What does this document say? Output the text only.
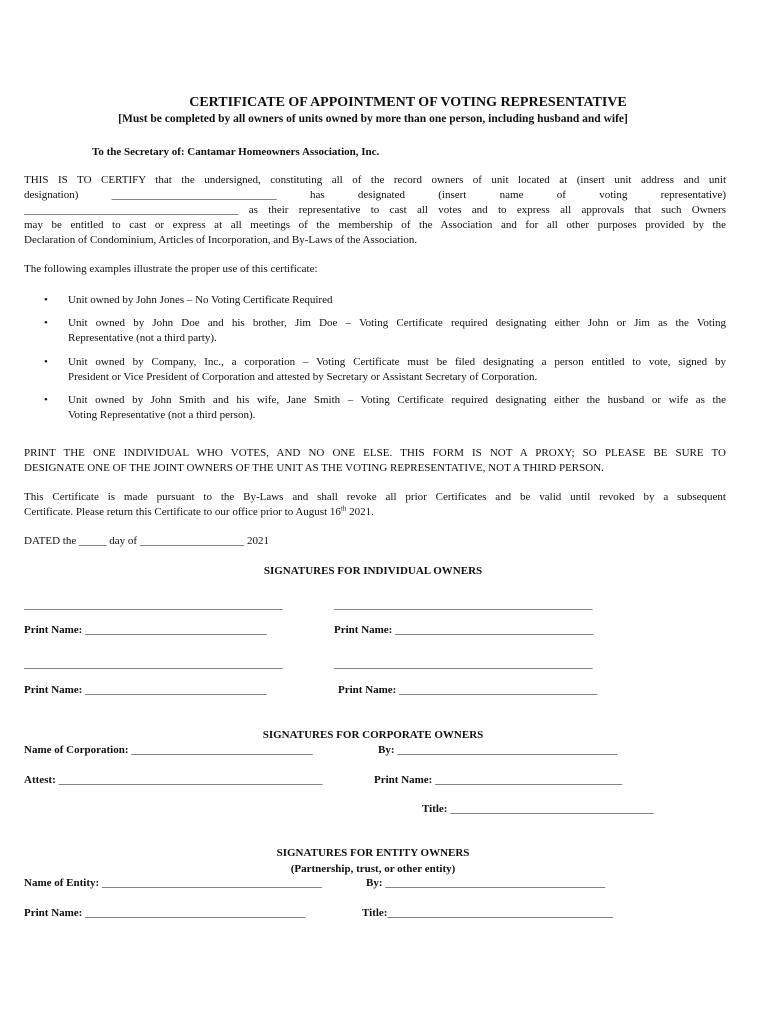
CERTIFICATE OF APPOINTMENT OF VOTING REPRESENTATIVE
[Must be completed by all owners of units owned by more than one person, including husband and wife]
To the Secretary of: Cantamar Homeowners Association, Inc.
THIS IS TO CERTIFY that the undersigned, constituting all of the record owners of unit located at (insert unit address and unit
designation) ______________________________ has designated (insert name of voting representative)
_______________________________________ as their representative to cast all votes and to express all approvals that such Owners
may be entitled to cast or express at all meetings of the membership of the Association and for all other purposes provided by the
Declaration of Condominium, Articles of Incorporation, and By-Laws of the Association.
The following examples illustrate the proper use of this certificate:
• Unit owned by John Jones – No Voting Certificate Required
• Unit owned by John Doe and his brother, Jim Doe – Voting Certificate required designating either John or Jim as the Voting
Representative (not a third party).
• Unit owned by Company, Inc., a corporation – Voting Certificate must be filed designating a person entitled to vote, signed by
President or Vice President of Corporation and attested by Secretary or Assistant Secretary of Corporation.
• Unit owned by John Smith and his wife, Jane Smith – Voting Certificate required designating either the husband or wife as the
Voting Representative (not a third person).
PRINT THE ONE INDIVIDUAL WHO VOTES, AND NO ONE ELSE. THIS FORM IS NOT A PROXY; SO PLEASE BE SURE TO
DESIGNATE ONE OF THE JOINT OWNERS OF THE UNIT AS THE VOTING REPRESENTATIVE, NOT A THIRD PERSON.
This Certificate is made pursuant to the By-Laws and shall revoke all prior Certificates and be valid until revoked by a subsequent
Certificate. Please return this Certificate to our office prior to August 16th 2021.
DATED the _____ day of ___________________ 2021
SIGNATURES FOR INDIVIDUAL OWNERS
_______________________________________________	_______________________________________________
Print Name: _________________________________	Print Name: ____________________________________
_______________________________________________	_______________________________________________
Print Name: _________________________________	Print Name: ____________________________________
SIGNATURES FOR CORPORATE OWNERS
Name of Corporation: _________________________________	By: ________________________________________
Attest: ________________________________________________	Print Name: __________________________________
Title: _____________________________________
SIGNATURES FOR ENTITY OWNERS
(Partnership, trust, or other entity)
Name of Entity: ________________________________________	By: ________________________________________
Print Name: ________________________________________	Title:_________________________________________
